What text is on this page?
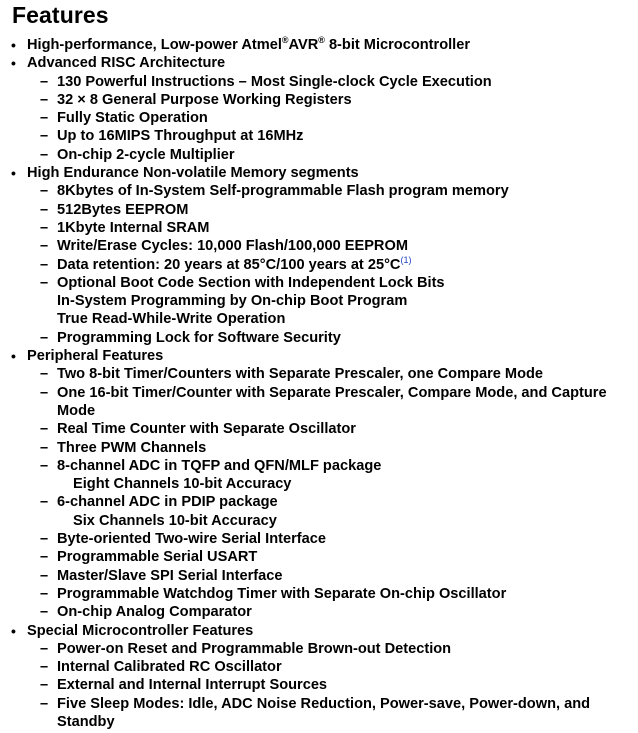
Features
• High-performance, Low-power Atmel®AVR® 8-bit Microcontroller
• Advanced RISC Architecture
– 130 Powerful Instructions – Most Single-clock Cycle Execution
– 32 × 8 General Purpose Working Registers
– Fully Static Operation
– Up to 16MIPS Throughput at 16MHz
– On-chip 2-cycle Multiplier
• High Endurance Non-volatile Memory segments
– 8Kbytes of In-System Self-programmable Flash program memory
– 512Bytes EEPROM
– 1Kbyte Internal SRAM
– Write/Erase Cycles: 10,000 Flash/100,000 EEPROM
– Data retention: 20 years at 85°C/100 years at 25°C$^{(1)}$
– Optional Boot Code Section with Independent Lock Bits
In-System Programming by On-chip Boot Program
True Read-While-Write Operation
– Programming Lock for Software Security
• Peripheral Features
– Two 8-bit Timer/Counters with Separate Prescaler, one Compare Mode
– One 16-bit Timer/Counter with Separate Prescaler, Compare Mode, and Capture Mode
– Real Time Counter with Separate Oscillator
– Three PWM Channels
– 8-channel ADC in TQFP and QFN/MLF package
Eight Channels 10-bit Accuracy
– 6-channel ADC in PDIP package
Six Channels 10-bit Accuracy
– Byte-oriented Two-wire Serial Interface
– Programmable Serial USART
– Master/Slave SPI Serial Interface
– Programmable Watchdog Timer with Separate On-chip Oscillator
– On-chip Analog Comparator
• Special Microcontroller Features
– Power-on Reset and Programmable Brown-out Detection
– Internal Calibrated RC Oscillator
– External and Internal Interrupt Sources
– Five Sleep Modes: Idle, ADC Noise Reduction, Power-save, Power-down, and Standby
